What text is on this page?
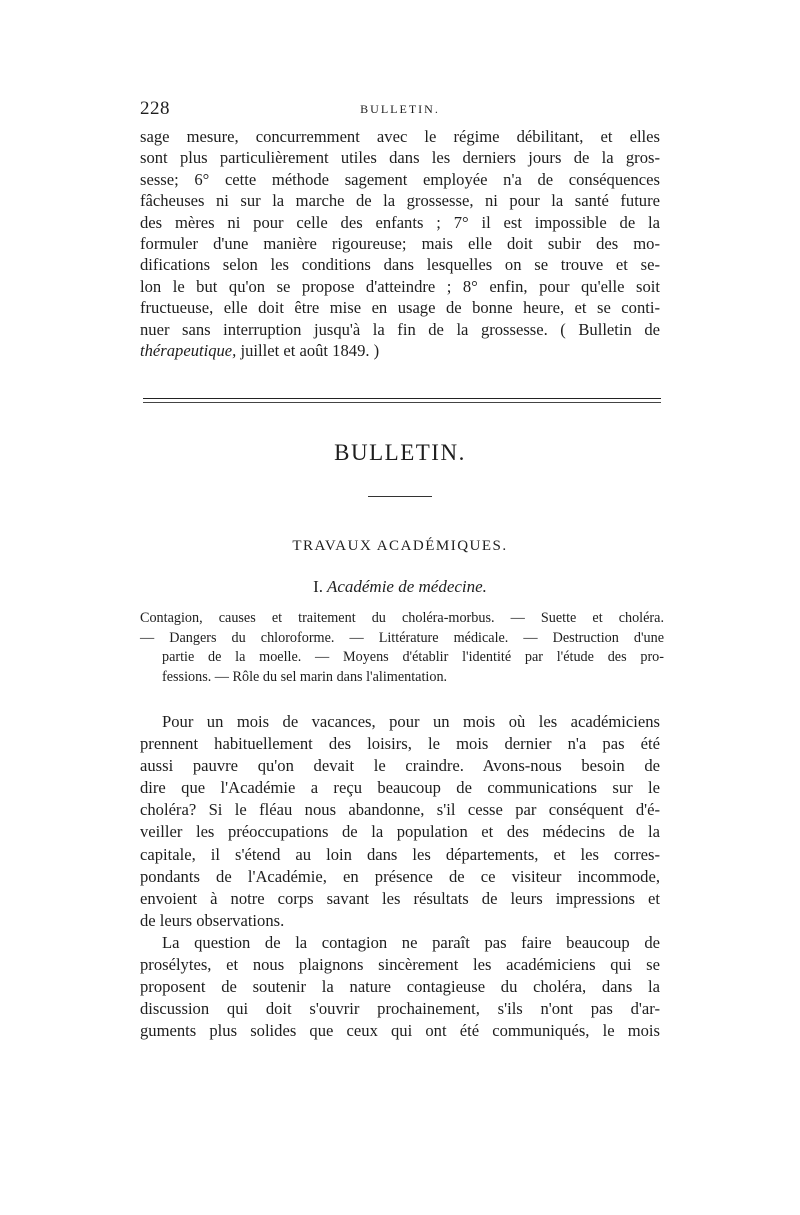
228	BULLETIN.
sage mesure, concurremment avec le régime débilitant, et elles
sont plus particulièrement utiles dans les derniers jours de la gros-
sesse; 6° cette méthode sagement employée n'a de conséquences
fâcheuses ni sur la marche de la grossesse, ni pour la santé future
des mères ni pour celle des enfants ; 7° il est impossible de la
formuler d'une manière rigoureuse; mais elle doit subir des mo-
difications selon les conditions dans lesquelles on se trouve et se-
lon le but qu'on se propose d'atteindre ; 8° enfin, pour qu'elle soit
fructueuse, elle doit être mise en usage de bonne heure, et se conti-
nuer sans interruption jusqu'à la fin de la grossesse. ( Bulletin de
thérapeutique, juillet et août 1849. )
BULLETIN.
TRAVAUX ACADÉMIQUES.
I. Académie de médecine.
Contagion, causes et traitement du choléra-morbus. — Suette et choléra.
— Dangers du chloroforme. — Littérature médicale. — Destruction d'une
partie de la moelle. — Moyens d'établir l'identité par l'étude des pro-
fessions. — Rôle du sel marin dans l'alimentation.
Pour un mois de vacances, pour un mois où les académiciens
prennent habituellement des loisirs, le mois dernier n'a pas été
aussi pauvre qu'on devait le craindre. Avons-nous besoin de
dire que l'Académie a reçu beaucoup de communications sur le
choléra? Si le fléau nous abandonne, s'il cesse par conséquent d'é-
veiller les préoccupations de la population et des médecins de la
capitale, il s'étend au loin dans les départements, et les corres-
pondants de l'Académie, en présence de ce visiteur incommode,
envoient à notre corps savant les résultats de leurs impressions et
de leurs observations.
La question de la contagion ne paraît pas faire beaucoup de
prosélytes, et nous plaignons sincèrement les académiciens qui se
proposent de soutenir la nature contagieuse du choléra, dans la
discussion qui doit s'ouvrir prochainement, s'ils n'ont pas d'ar-
guments plus solides que ceux qui ont été communiqués, le mois
